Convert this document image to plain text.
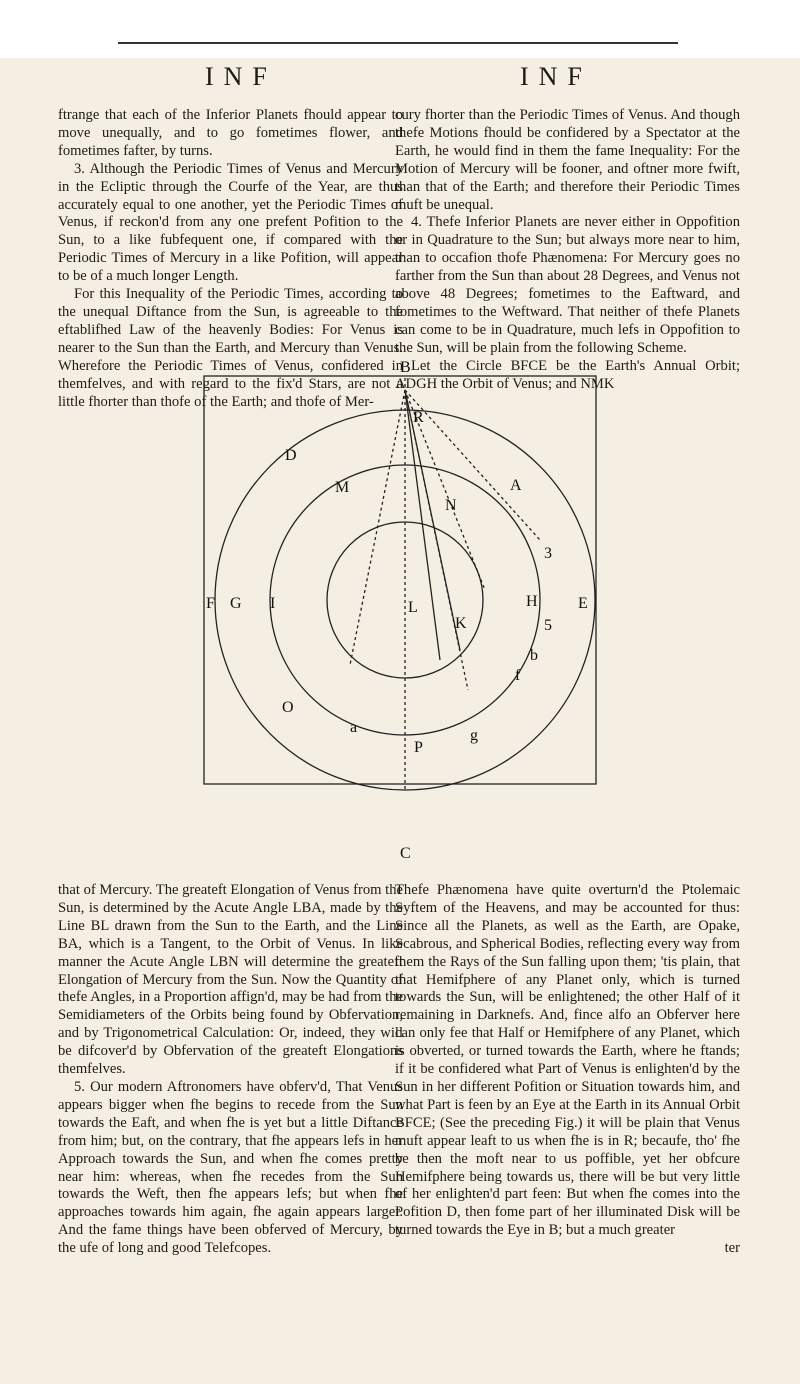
INF	INF

ftrange that each of the Inferior Planets fhould appear to move unequally, and to go fometimes flower, and fometimes fafter, by turns.

3. Although the Periodic Times of Venus and Mercury in the Ecliptic through the Courfe of the Year, are thus accurately equal to one another, yet the Periodic Times of Venus, if reckon'd from any one prefent Pofition to the Sun, to a like fubfequent one, if compared with the Periodic Times of Mercury in a like Pofition, will appear to be of a much longer Length.

For this Inequality of the Periodic Times, according to the unequal Diftance from the Sun, is agreeable to the eftablifhed Law of the heavenly Bodies: For Venus is nearer to the Sun than the Earth, and Mercury than Venus. Wherefore the Periodic Times of Venus, confidered in themfelves, and with regard to the fix'd Stars, are not a little fhorter than thofe of the Earth; and thofe of Mer-

cury fhorter than the Periodic Times of Venus. And though thefe Motions fhould be confidered by a Spectator at the Earth, he would find in them the fame Inequality: For the Motion of Mercury will be fooner, and oftner more fwift, than that of the Earth; and therefore their Periodic Times muft be unequal.

4. Thefe Inferior Planets are never either in Oppofition or in Quadrature to the Sun; but always more near to him, than to occafion thofe Phænomena: For Mercury goes no farther from the Sun than about 28 Degrees, and Venus not above 48 Degrees; fometimes to the Eaftward, and fometimes to the Weftward. That neither of thefe Planets can come to be in Quadrature, much lefs in Oppofition to the Sun, will be plain from the following Scheme.

Let the Circle BFCE be the Earth's Annual Orbit; ADGH the Orbit of Venus; and NMK

B
C
D
F G	E
I	L
R
A
M
N
H
K
O
a
P
g
3
b
f
5

that of Mercury. The greateft Elongation of Venus from the Sun, is determined by the Acute Angle LBA, made by the Line BL drawn from the Sun to the Earth, and the Line BA, which is a Tangent, to the Orbit of Venus. In like manner the Acute Angle LBN will determine the greateft Elongation of Mercury from the Sun. Now the Quantity of thefe Angles, in a Proportion affign'd, may be had from the Semidiameters of the Orbits being found by Obfervation, and by Trigonometrical Calculation: Or, indeed, they will be difcover'd by Obfervation of the greateft Elongations themfelves.

5. Our modern Aftronomers have obferv'd, That Venus appears bigger when fhe begins to recede from the Sun towards the Eaft, and when fhe is yet but a little Diftance from him; but, on the contrary, that fhe appears lefs in her Approach towards the Sun, and when fhe comes pretty near him: whereas, when fhe recedes from the Sun towards the Weft, then fhe appears lefs; but when fhe approaches towards him again, fhe again appears larger. And the fame things have been obferved of Mercury, by the ufe of long and good Telefcopes.

Thefe Phænomena have quite overturn'd the Ptolemaic Syftem of the Heavens, and may be accounted for thus: Since all the Planets, as well as the Earth, are Opake, Scabrous, and Spherical Bodies, reflecting every way from them the Rays of the Sun falling upon them; 'tis plain, that that Hemifphere of any Planet only, which is turned towards the Sun, will be enlightened; the other Half of it remaining in Darknefs. And, fince alfo an Obferver here can only fee that Half or Hemifphere of any Planet, which is obverted, or turned towards the Earth, where he ftands; if it be confidered what Part of Venus is enlighten'd by the Sun in her different Pofition or Situation towards him, and what Part is feen by an Eye at the Earth in its Annual Orbit BFCE; (See the preceding Fig.) it will be plain that Venus muft appear leaft to us when fhe is in R; becaufe, tho' fhe be then the moft near to us poffible, yet her obfcure Hemifphere being towards us, there will be but very little of her enlighten'd part feen: But when fhe comes into the Pofition D, then fome part of her illuminated Disk will be turned towards the Eye in B; but a much greater

ter
